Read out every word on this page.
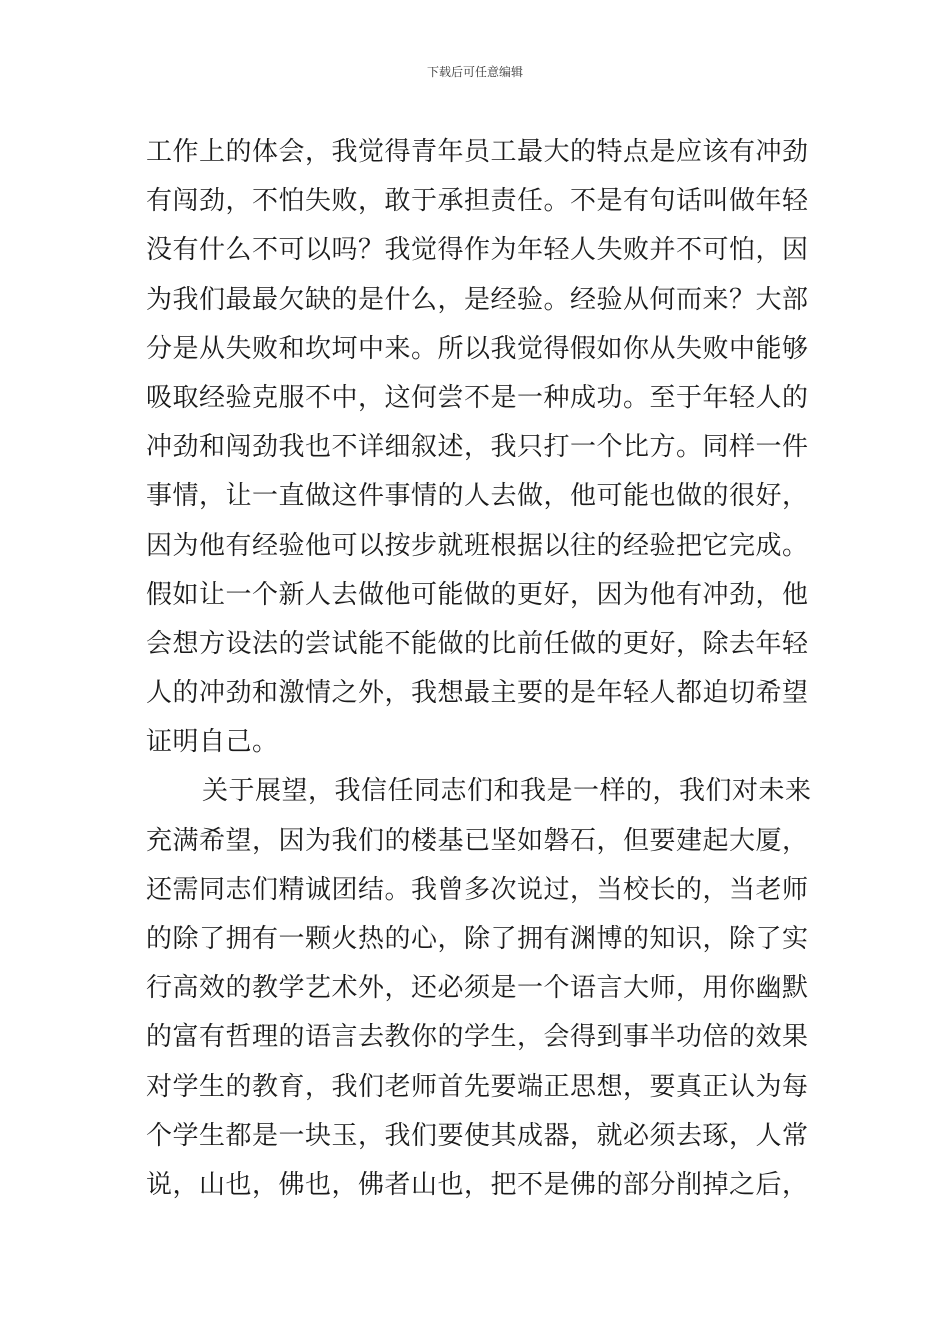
下载后可任意编辑
工作上的体会，我觉得青年员工最大的特点是应该有冲劲
有闯劲，不怕失败，敢于承担责任。不是有句话叫做年轻
没有什么不可以吗？我觉得作为年轻人失败并不可怕，因
为我们最最欠缺的是什么，是经验。经验从何而来？大部
分是从失败和坎坷中来。所以我觉得假如你从失败中能够
吸取经验克服不中，这何尝不是一种成功。至于年轻人的
冲劲和闯劲我也不详细叙述，我只打一个比方。同样一件
事情，让一直做这件事情的人去做，他可能也做的很好，
因为他有经验他可以按步就班根据以往的经验把它完成。
假如让一个新人去做他可能做的更好，因为他有冲劲，他
会想方设法的尝试能不能做的比前任做的更好，除去年轻
人的冲劲和激情之外，我想最主要的是年轻人都迫切希望
证明自己。
关于展望，我信任同志们和我是一样的，我们对未来
充满希望，因为我们的楼基已坚如磐石，但要建起大厦，
还需同志们精诚团结。我曾多次说过，当校长的，当老师
的除了拥有一颗火热的心，除了拥有渊博的知识，除了实
行高效的教学艺术外，还必须是一个语言大师，用你幽默
的富有哲理的语言去教你的学生，会得到事半功倍的效果
对学生的教育，我们老师首先要端正思想，要真正认为每
个学生都是一块玉，我们要使其成器，就必须去琢，人常
说，山也，佛也，佛者山也，把不是佛的部分削掉之后，
